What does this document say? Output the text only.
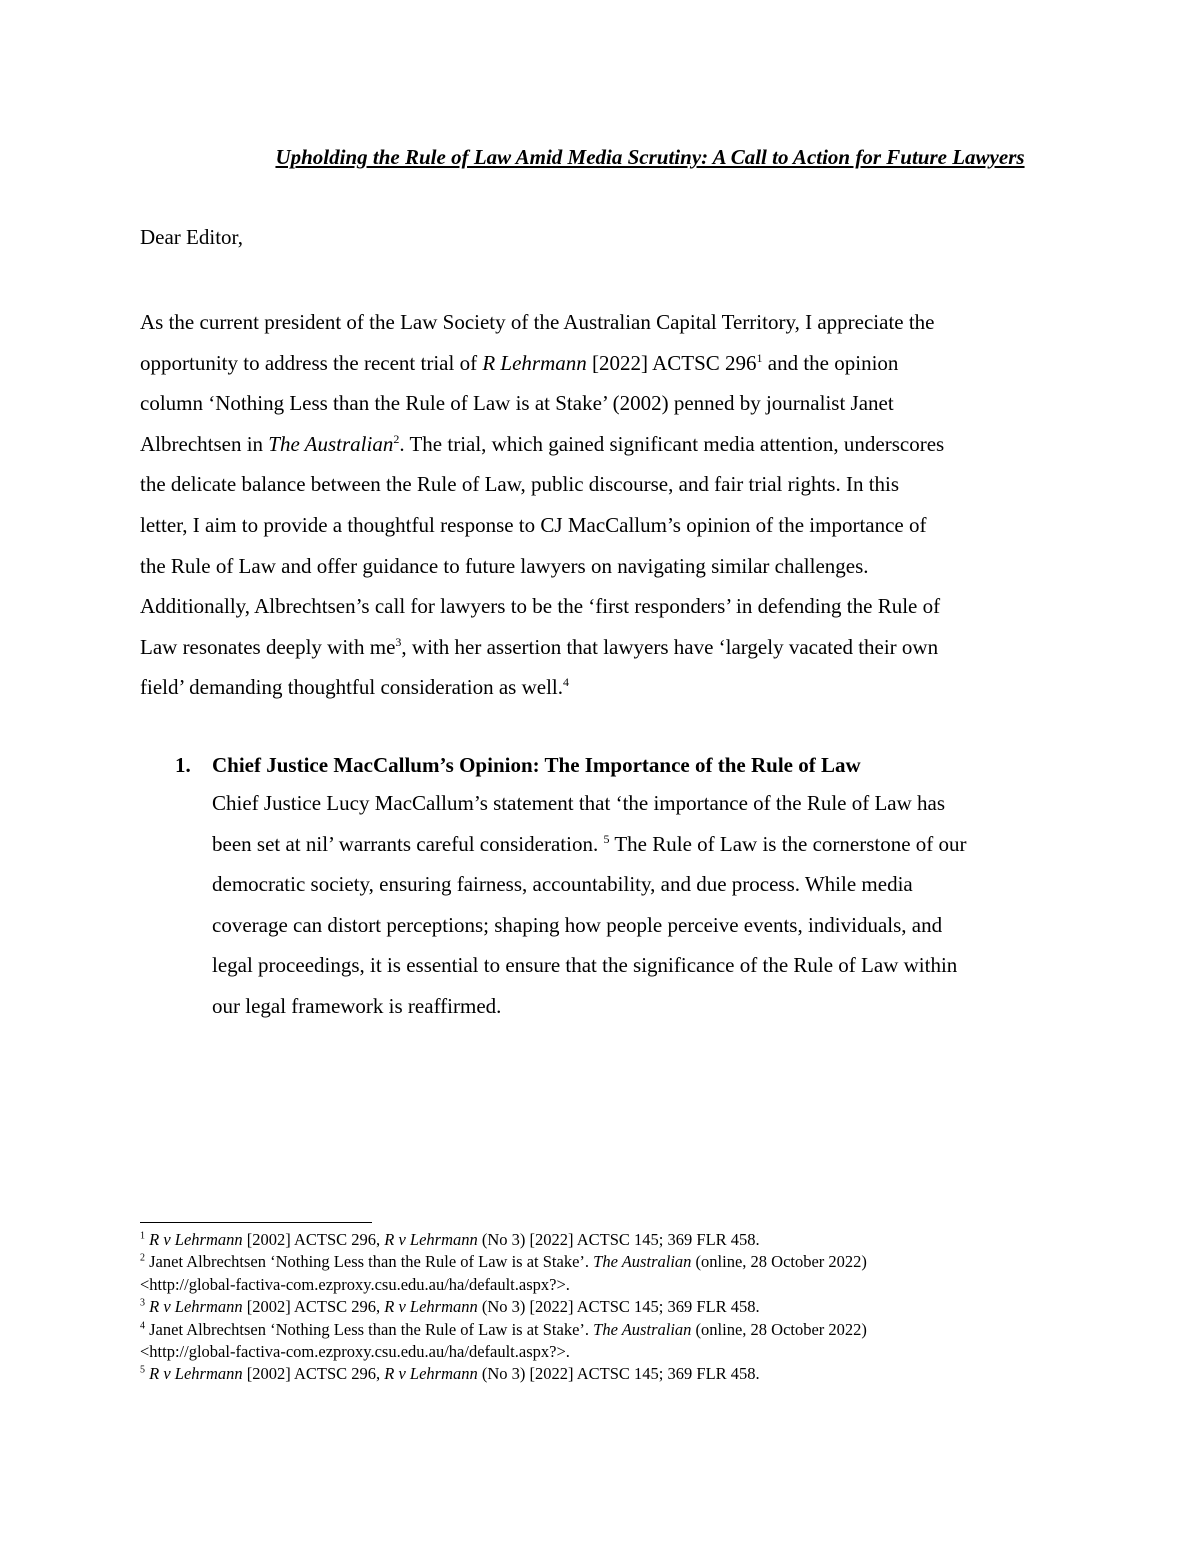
Upholding the Rule of Law Amid Media Scrutiny: A Call to Action for Future Lawyers
Dear Editor,
As the current president of the Law Society of the Australian Capital Territory, I appreciate the
opportunity to address the recent trial of R Lehrmann [2022] ACTSC $296^1$ and the opinion
column ‘Nothing Less than the Rule of Law is at Stake’ (2002) penned by journalist Janet
Albrechtsen in The Australian$^2$. The trial, which gained significant media attention, underscores
the delicate balance between the Rule of Law, public discourse, and fair trial rights. In this
letter, I aim to provide a thoughtful response to CJ MacCallum’s opinion of the importance of
the Rule of Law and offer guidance to future lawyers on navigating similar challenges.
Additionally, Albrechtsen’s call for lawyers to be the ‘first responders’ in defending the Rule of
Law resonates deeply with $me^3$, with her assertion that lawyers have ‘largely vacated their own
field’ demanding thoughtful consideration as well.$^4$
1. Chief Justice MacCallum’s Opinion: The Importance of the Rule of Law
Chief Justice Lucy MacCallum’s statement that ‘the importance of the Rule of Law has
been set at nil’ warrants careful consideration. $^5$ The Rule of Law is the cornerstone of our
democratic society, ensuring fairness, accountability, and due process. While media
coverage can distort perceptions; shaping how people perceive events, individuals, and
legal proceedings, it is essential to ensure that the significance of the Rule of Law within
our legal framework is reaffirmed.
$^1$ R v Lehrmann [2002] ACTSC 296, R v Lehrmann (No 3) [2022] ACTSC 145; 369 FLR 458.
$^2$ Janet Albrechtsen ‘Nothing Less than the Rule of Law is at Stake’. The Australian (online, 28 October 2022)
<http://global-factiva-com.ezproxy.csu.edu.au/ha/default.aspx?>.
$^3$ R v Lehrmann [2002] ACTSC 296, R v Lehrmann (No 3) [2022] ACTSC 145; 369 FLR 458.
$^4$ Janet Albrechtsen ‘Nothing Less than the Rule of Law is at Stake’. The Australian (online, 28 October 2022)
<http://global-factiva-com.ezproxy.csu.edu.au/ha/default.aspx?>.
$^5$ R v Lehrmann [2002] ACTSC 296, R v Lehrmann (No 3) [2022] ACTSC 145; 369 FLR 458.
